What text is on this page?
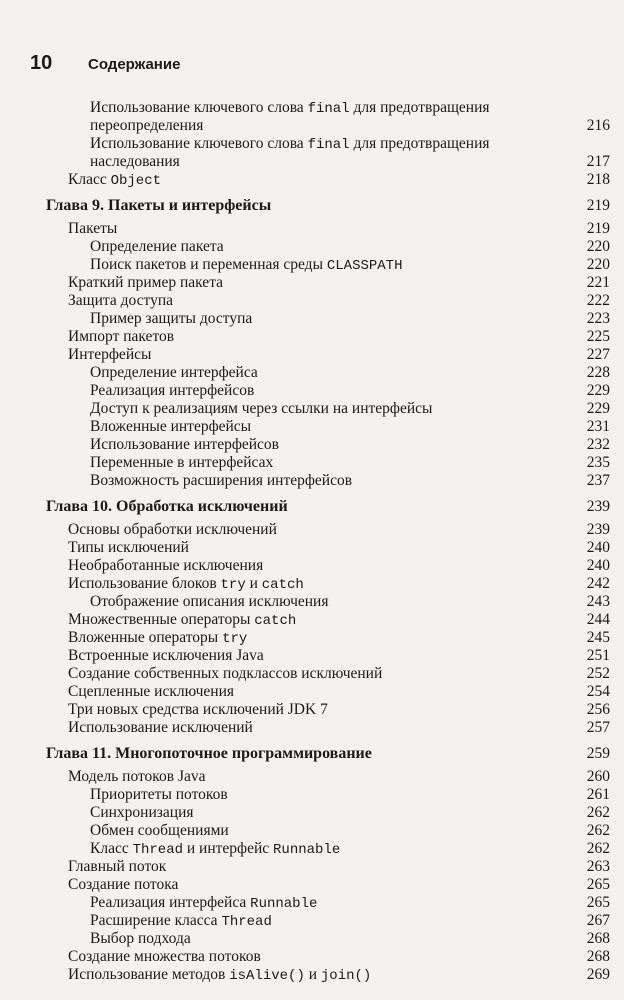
10	Содержание
Использование ключевого слова final для предотвращения
переопределения	216
Использование ключевого слова final для предотвращения
наследования	217
Класс Object	218
Глава 9. Пакеты и интерфейсы	219
Пакеты	219
Определение пакета	220
Поиск пакетов и переменная среды CLASSPATH	220
Краткий пример пакета	221
Защита доступа	222
Пример защиты доступа	223
Импорт пакетов	225
Интерфейсы	227
Определение интерфейса	228
Реализация интерфейсов	229
Доступ к реализациям через ссылки на интерфейсы	229
Вложенные интерфейсы	231
Использование интерфейсов	232
Переменные в интерфейсах	235
Возможность расширения интерфейсов	237
Глава 10. Обработка исключений	239
Основы обработки исключений	239
Типы исключений	240
Необработанные исключения	240
Использование блоков try и catch	242
Отображение описания исключения	243
Множественные операторы catch	244
Вложенные операторы try	245
Встроенные исключения Java	251
Создание собственных подклассов исключений	252
Сцепленные исключения	254
Три новых средства исключений JDK 7	256
Использование исключений	257
Глава 11. Многопоточное программирование	259
Модель потоков Java	260
Приоритеты потоков	261
Синхронизация	262
Обмен сообщениями	262
Класс Thread и интерфейс Runnable	262
Главный поток	263
Создание потока	265
Реализация интерфейса Runnable	265
Расширение класса Thread	267
Выбор подхода	268
Создание множества потоков	268
Использование методов isAlive() и join()	269
